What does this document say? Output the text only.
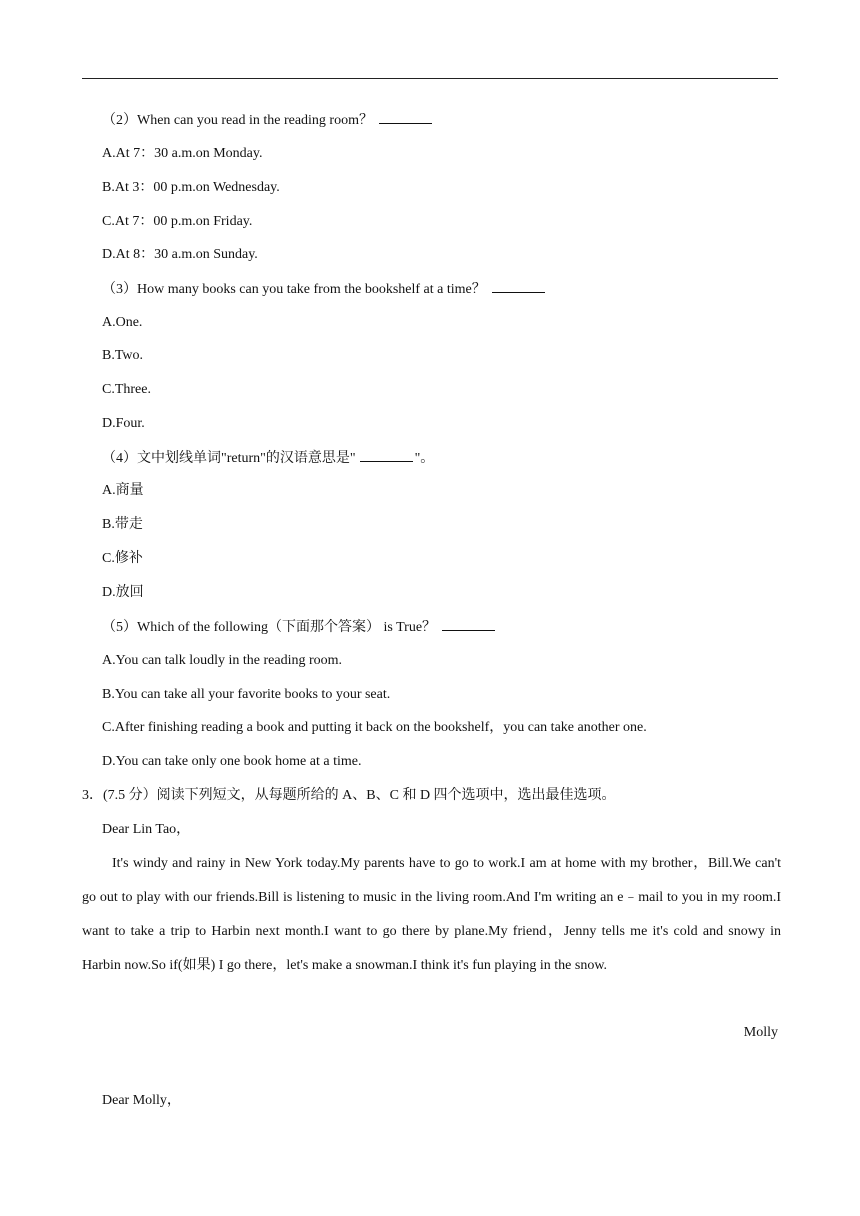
（2）When can you read in the reading room？
A.At 7：30 a.m.on Monday.
B.At 3：00 p.m.on Wednesday.
C.At 7：00 p.m.on Friday.
D.At 8：30 a.m.on Sunday.
（3）How many books can you take from the bookshelf at a time？
A.One.
B.Two.
C.Three.
D.Four.
（4）文中划线单词"return"的汉语意思是"	"。
A.商量
B.带走
C.修补
D.放回
（5）Which of the following（下面那个答案） is True？
A.You can talk loudly in the reading room.
B.You can take all your favorite books to your seat.
C.After finishing reading a book and putting it back on the bookshelf，you can take another one.
D.You can take only one book home at a time.
3．(7.5 分）阅读下列短文，从每题所给的 A、B、C 和 D 四个选项中，选出最佳选项。
Dear Lin Tao，
It's windy and rainy in New York today.My parents have to go to work.I am at home with my brother，Bill.We can't go out to play with our friends.Bill is listening to music in the living room.And I'm writing an e﹣mail to you in my room.I want to take a trip to Harbin next month.I want to go there by plane.My friend，Jenny tells me it's cold and snowy in Harbin now.So if(如果) I go there，let's make a snowman.I think it's fun playing in the snow.
Molly
Dear Molly，
